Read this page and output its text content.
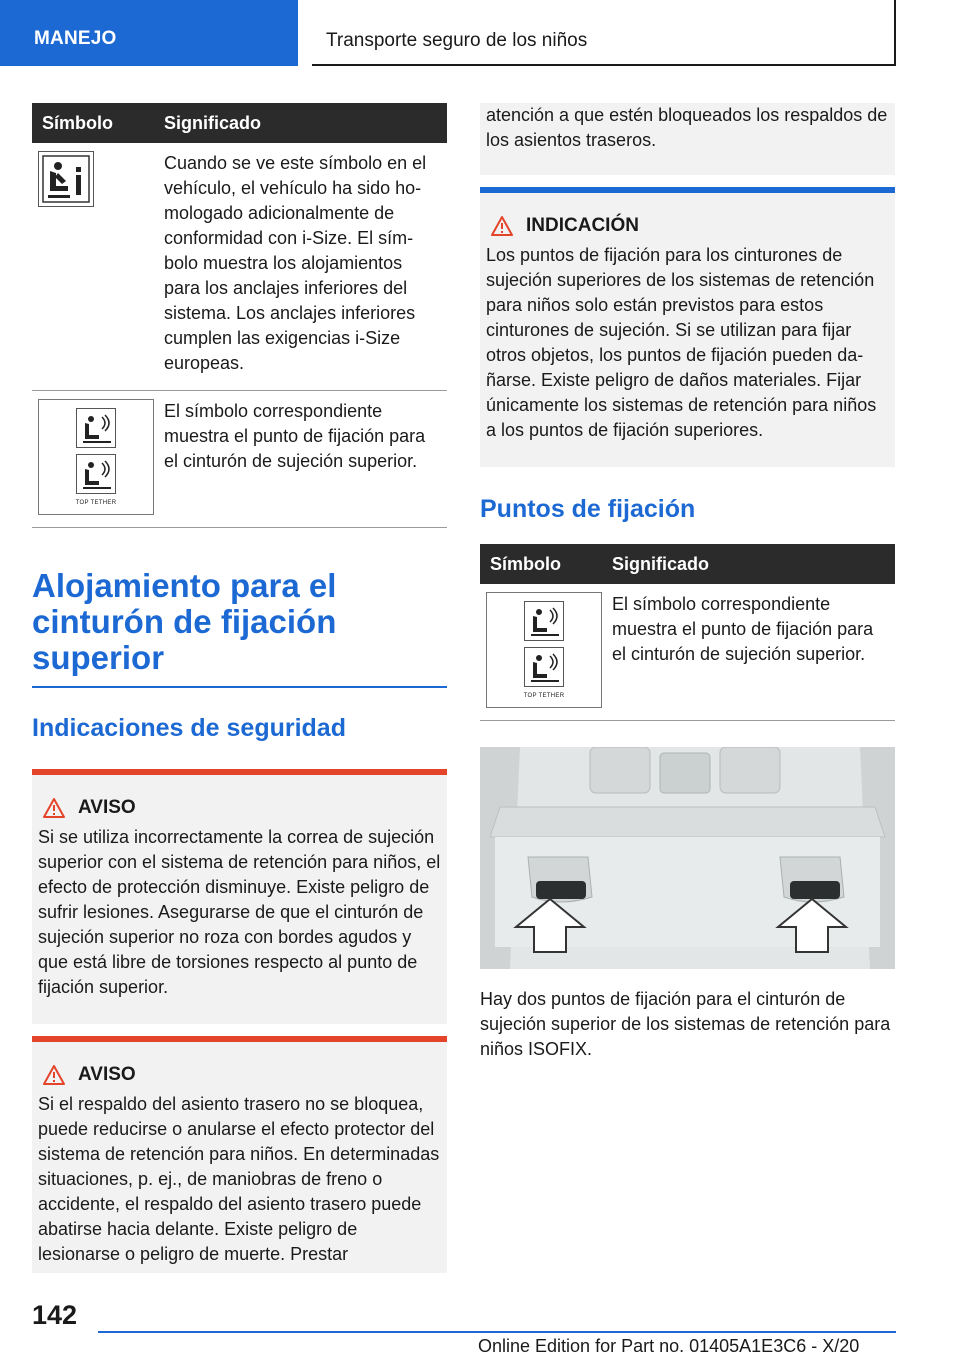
MANEJO	Transporte seguro de los niños
Símbolo	Significado
Cuando se ve este símbolo en el vehículo, el vehículo ha sido homologado adicionalmente de conformidad con i-Size. El símbolo muestra los alojamientos para los anclajes inferiores del sistema. Los anclajes inferiores cumplen las exigencias i-Size europeas.
TOP TETHER
El símbolo correspondiente muestra el punto de fijación para el cinturón de sujeción superior.
Alojamiento para el cinturón de fijación superior
Indicaciones de seguridad
AVISO
Si se utiliza incorrectamente la correa de sujeción superior con el sistema de retención para niños, el efecto de protección disminuye. Existe peligro de sufrir lesiones. Asegurarse de que el cinturón de sujeción superior no roza con bordes agudos y que está libre de torsiones respecto al punto de fijación superior.
AVISO
Si el respaldo del asiento trasero no se bloquea, puede reducirse o anularse el efecto protector del sistema de retención para niños. En determinadas situaciones, p. ej., de maniobras de freno o accidente, el respaldo del asiento trasero puede abatirse hacia delante. Existe peligro de lesionarse o peligro de muerte. Prestar
atención a que estén bloqueados los respaldos de los asientos traseros.
INDICACIÓN
Los puntos de fijación para los cinturones de sujeción superiores de los sistemas de retención para niños solo están previstos para estos cinturones de sujeción. Si se utilizan para fijar otros objetos, los puntos de fijación pueden dañarse. Existe peligro de daños materiales. Fijar únicamente los sistemas de retención para niños a los puntos de fijación superiores.
Puntos de fijación
Símbolo	Significado
TOP TETHER
El símbolo correspondiente muestra el punto de fijación para el cinturón de sujeción superior.

Hay dos puntos de fijación para el cinturón de sujeción superior de los sistemas de retención para niños ISOFIX.

142
Online Edition for Part no. 01405A1E3C6 - X/20
